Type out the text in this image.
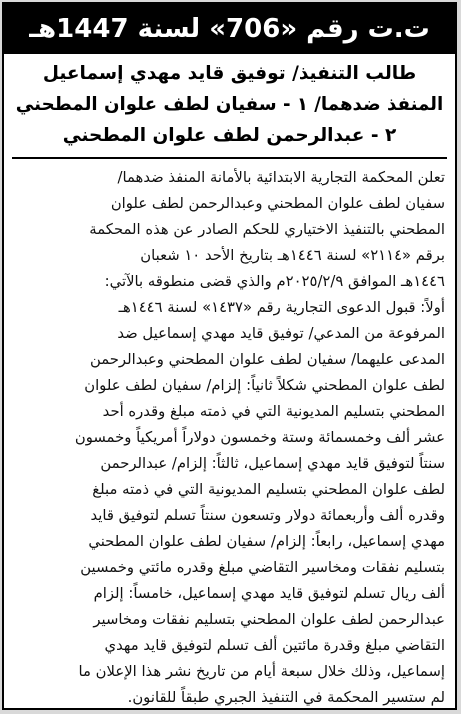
ت.ت رقم «706» لسنة 1447هـ
طالب التنفيذ/ توفيق قايد مهدي إسماعيل
المنفذ ضدهما/ ١ - سفيان لطف علوان المطحني
٢ - عبدالرحمن لطف علوان المطحني
تعلن المحكمة التجارية الابتدائية بالأمانة المنفذ ضدهما/
سفيان لطف علوان المطحني وعبدالرحمن لطف علوان
المطحني بالتنفيذ الاختياري للحكم الصادر عن هذه المحكمة
برقم «٢١١٤» لسنة ١٤٤٦هـ بتاريخ الأحد ١٠ شعبان
١٤٤٦هـ الموافق ٢٠٢٥/٢/٩م والذي قضى منطوقه بالآتي:
أولاً: قبول الدعوى التجارية رقم «١٤٣٧» لسنة ١٤٤٦هـ
المرفوعة من المدعي/ توفيق قايد مهدي إسماعيل ضد
المدعى عليهما/ سفيان لطف علوان المطحني وعبدالرحمن
لطف علوان المطحني شكلاً ثانياً: إلزام/ سفيان لطف علوان
المطحني بتسليم المديونية التي في ذمته مبلغ وقدره أحد
عشر ألف وخمسمائة وستة وخمسون دولاراً أمريكياً وخمسون
سنتاً لتوفيق قايد مهدي إسماعيل، ثالثاً: إلزام/ عبدالرحمن
لطف علوان المطحني بتسليم المديونية التي في ذمته مبلغ
وقدره ألف وأربعمائة دولار وتسعون سنتاً تسلم لتوفيق قايد
مهدي إسماعيل، رابعاً: إلزام/ سفيان لطف علوان المطحني
بتسليم نفقات ومخاسير التقاضي مبلغ وقدره مائتي وخمسين
ألف ريال تسلم لتوفيق قايد مهدي إسماعيل، خامساً: إلزام
عبدالرحمن لطف علوان المطحني بتسليم نفقات ومخاسير
التقاضي مبلغ وقدرة مائتين ألف تسلم لتوفيق قايد مهدي
إسماعيل، وذلك خلال سبعة أيام من تاريخ نشر هذا الإعلان ما
لم ستسير المحكمة في التنفيذ الجبري طبقاً للقانون.
